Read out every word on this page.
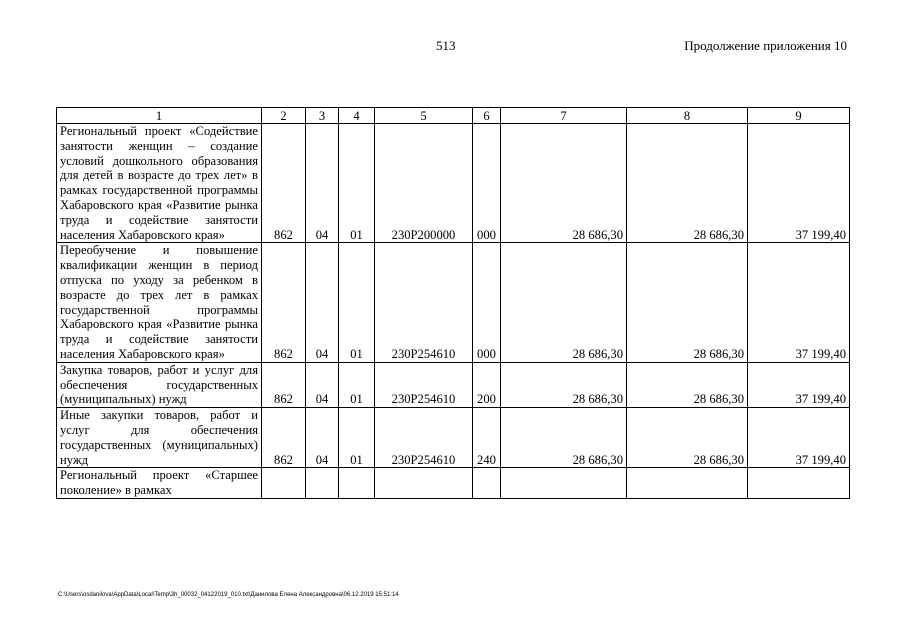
513	Продолжение приложения 10
1	2	3	4	5	6	7	8	9
Региональный проект «Содействие занятости женщин – создание условий дошкольного образования для детей в возрасте до трех лет» в рамках государственной программы Хабаровского края «Развитие рынка труда и содействие занятости населения Хабаровского края»	862	04	01	230P200000	000	28 686,30	28 686,30	37 199,40
Переобучение и повышение квалификации женщин в период отпуска по уходу за ребенком в возрасте до трех лет в рамках государственной программы Хабаровского края «Развитие рынка труда и содействие занятости населения Хабаровского края»	862	04	01	230P254610	000	28 686,30	28 686,30	37 199,40
Закупка товаров, работ и услуг для обеспечения государственных (муниципальных) нужд	862	04	01	230P254610	200	28 686,30	28 686,30	37 199,40
Иные закупки товаров, работ и услуг для обеспечения государственных (муниципальных) нужд	862	04	01	230P254610	240	28 686,30	28 686,30	37 199,40
Региональный проект «Старшее поколение» в рамках								
C:\Users\osdanilova\AppData\Local\Temp\3h_00032_04122019_010.txt\Данилова Елена Александровна\06.12.2019 15:51:14
